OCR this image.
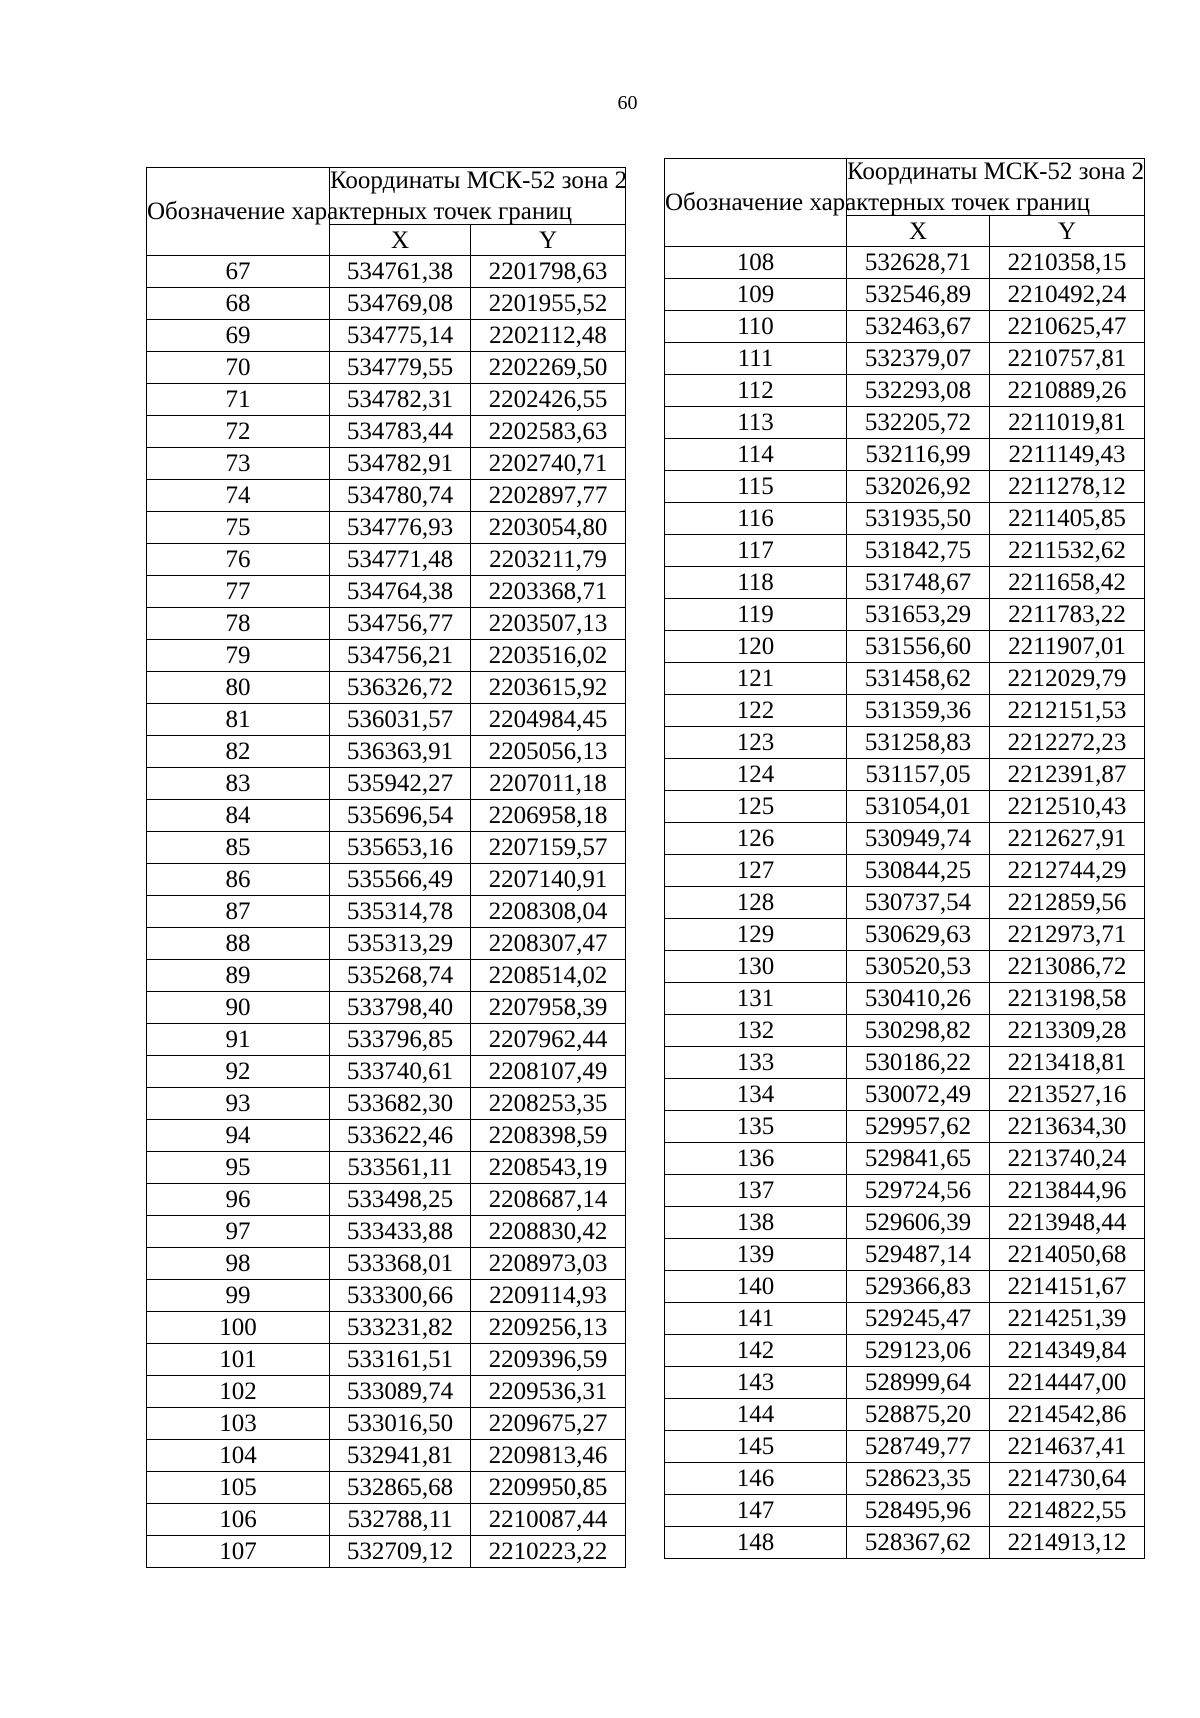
60
Обозначение характерных точек границ	Координаты МСК-52 зона 2	
	X	Y
67	534761,38	2201798,63
68	534769,08	2201955,52
69	534775,14	2202112,48
70	534779,55	2202269,50
71	534782,31	2202426,55
72	534783,44	2202583,63
73	534782,91	2202740,71
74	534780,74	2202897,77
75	534776,93	2203054,80
76	534771,48	2203211,79
77	534764,38	2203368,71
78	534756,77	2203507,13
79	534756,21	2203516,02
80	536326,72	2203615,92
81	536031,57	2204984,45
82	536363,91	2205056,13
83	535942,27	2207011,18
84	535696,54	2206958,18
85	535653,16	2207159,57
86	535566,49	2207140,91
87	535314,78	2208308,04
88	535313,29	2208307,47
89	535268,74	2208514,02
90	533798,40	2207958,39
91	533796,85	2207962,44
92	533740,61	2208107,49
93	533682,30	2208253,35
94	533622,46	2208398,59
95	533561,11	2208543,19
96	533498,25	2208687,14
97	533433,88	2208830,42
98	533368,01	2208973,03
99	533300,66	2209114,93
100	533231,82	2209256,13
101	533161,51	2209396,59
102	533089,74	2209536,31
103	533016,50	2209675,27
104	532941,81	2209813,46
105	532865,68	2209950,85
106	532788,11	2210087,44
107	532709,12	2210223,22
Обозначение характерных точек границ	Координаты МСК-52 зона 2	
	X	Y
108	532628,71	2210358,15
109	532546,89	2210492,24
110	532463,67	2210625,47
111	532379,07	2210757,81
112	532293,08	2210889,26
113	532205,72	2211019,81
114	532116,99	2211149,43
115	532026,92	2211278,12
116	531935,50	2211405,85
117	531842,75	2211532,62
118	531748,67	2211658,42
119	531653,29	2211783,22
120	531556,60	2211907,01
121	531458,62	2212029,79
122	531359,36	2212151,53
123	531258,83	2212272,23
124	531157,05	2212391,87
125	531054,01	2212510,43
126	530949,74	2212627,91
127	530844,25	2212744,29
128	530737,54	2212859,56
129	530629,63	2212973,71
130	530520,53	2213086,72
131	530410,26	2213198,58
132	530298,82	2213309,28
133	530186,22	2213418,81
134	530072,49	2213527,16
135	529957,62	2213634,30
136	529841,65	2213740,24
137	529724,56	2213844,96
138	529606,39	2213948,44
139	529487,14	2214050,68
140	529366,83	2214151,67
141	529245,47	2214251,39
142	529123,06	2214349,84
143	528999,64	2214447,00
144	528875,20	2214542,86
145	528749,77	2214637,41
146	528623,35	2214730,64
147	528495,96	2214822,55
148	528367,62	2214913,12
